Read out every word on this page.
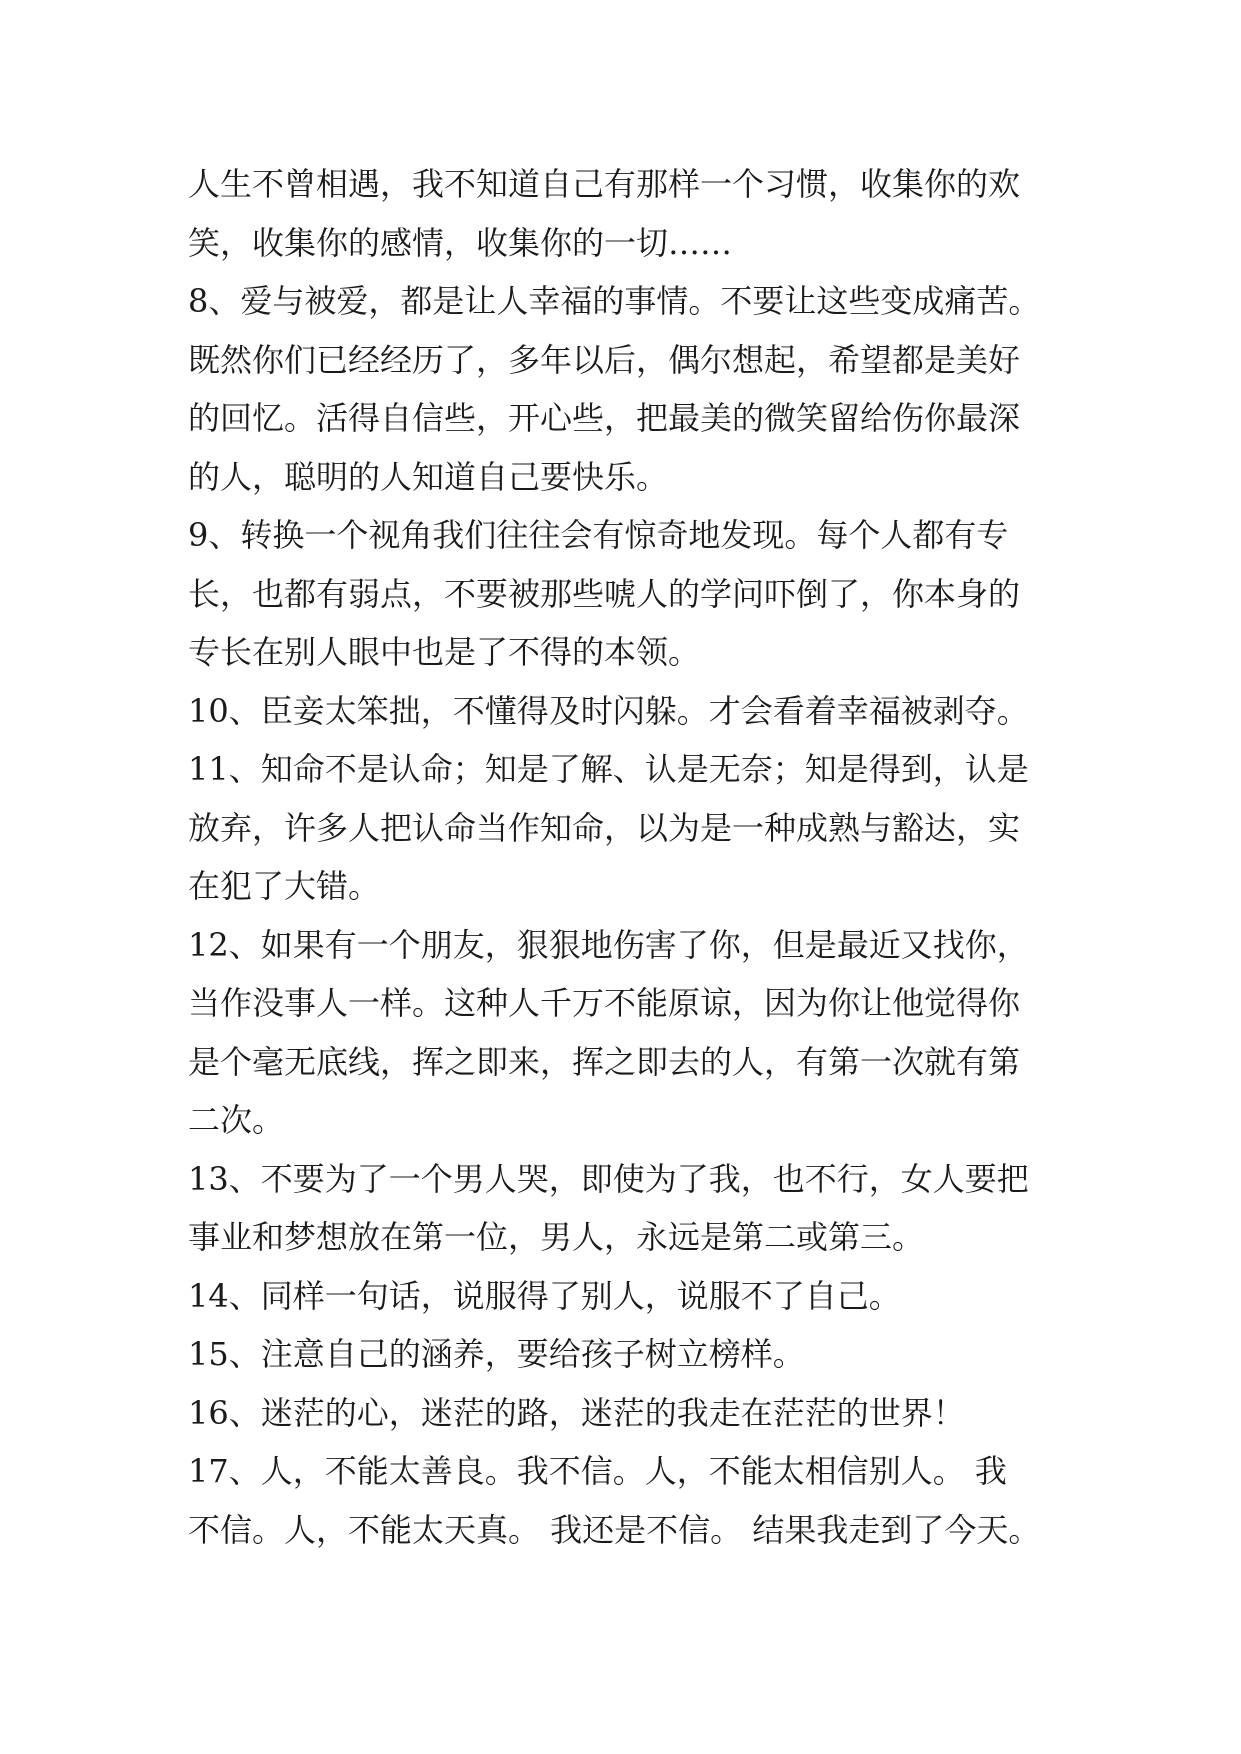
人生不曾相遇，我不知道自己有那样一个习惯，收集你的欢
笑，收集你的感情，收集你的一切……
8、爱与被爱，都是让人幸福的事情。不要让这些变成痛苦。
既然你们已经经历了，多年以后，偶尔想起，希望都是美好
的回忆。活得自信些，开心些，把最美的微笑留给伤你最深
的人，聪明的人知道自己要快乐。
9、转换一个视角我们往往会有惊奇地发现。每个人都有专
长，也都有弱点，不要被那些唬人的学问吓倒了，你本身的
专长在别人眼中也是了不得的本领。
10、臣妾太笨拙，不懂得及时闪躲。才会看着幸福被剥夺。
11、知命不是认命；知是了解、认是无奈；知是得到，认是
放弃，许多人把认命当作知命，以为是一种成熟与豁达，实
在犯了大错。
12、如果有一个朋友，狠狠地伤害了你，但是最近又找你，
当作没事人一样。这种人千万不能原谅，因为你让他觉得你
是个毫无底线，挥之即来，挥之即去的人，有第一次就有第
二次。
13、不要为了一个男人哭，即使为了我，也不行，女人要把
事业和梦想放在第一位，男人，永远是第二或第三。
14、同样一句话，说服得了别人，说服不了自己。
15、注意自己的涵养，要给孩子树立榜样。
16、迷茫的心，迷茫的路，迷茫的我走在茫茫的世界！
17、人，不能太善良。我不信。人，不能太相信别人。 我
不信。人，不能太天真。 我还是不信。 结果我走到了今天。
